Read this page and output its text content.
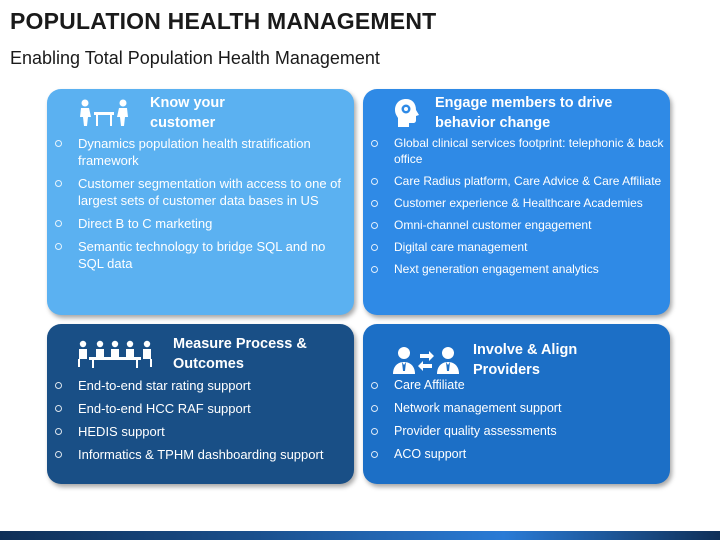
POPULATION HEALTH MANAGEMENT
Enabling Total Population Health Management
Know your customer
Dynamics population health stratification framework
Customer segmentation with access to one of largest sets of customer data bases in US
Direct B to C marketing
Semantic technology to bridge SQL and no SQL data
Engage members to drive behavior change
Global clinical services footprint: telephonic & back office
Care Radius platform, Care Advice & Care Affiliate
Customer experience & Healthcare Academies
Omni-channel customer engagement
Digital care management
Next generation engagement analytics
Measure Process & Outcomes
End-to-end star rating support
End-to-end HCC RAF support
HEDIS support
Informatics & TPHM dashboarding support
Involve & Align Providers
Care Affiliate
Network management support
Provider quality assessments
ACO support
